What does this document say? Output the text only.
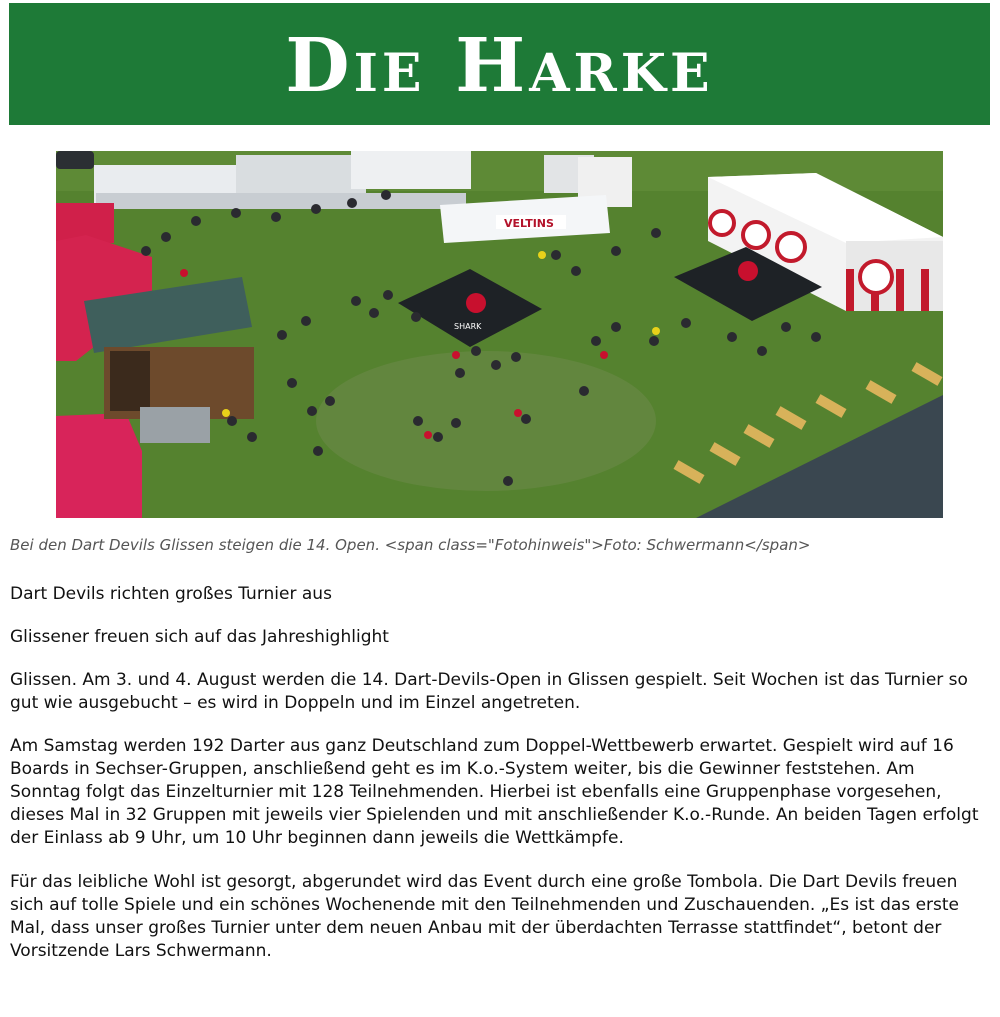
Die Harke
VELTINS
SHARK
Bei den Dart Devils Glissen steigen die 14. Open. <span class="Fotohinweis">Foto: Schwermann</span>

Dart Devils richten großes Turnier aus

Glissener freuen sich auf das Jahreshighlight

Glissen. Am 3. und 4. August werden die 14. Dart-Devils-Open in Glissen gespielt. Seit Wochen ist das Turnier so gut wie ausgebucht – es wird in Doppeln und im Einzel angetreten.

Am Samstag werden 192 Darter aus ganz Deutschland zum Doppel-Wettbewerb erwartet. Gespielt wird auf 16 Boards in Sechser-Gruppen, anschließend geht es im K.o.-System weiter, bis die Gewinner feststehen. Am Sonntag folgt das Einzelturnier mit 128 Teilnehmenden. Hierbei ist ebenfalls eine Gruppenphase vorgesehen, dieses Mal in 32 Gruppen mit jeweils vier Spielenden und mit anschließender K.o.-Runde. An beiden Tagen erfolgt der Einlass ab 9 Uhr, um 10 Uhr beginnen dann jeweils die Wettkämpfe.

Für das leibliche Wohl ist gesorgt, abgerundet wird das Event durch eine große Tombola. Die Dart Devils freuen sich auf tolle Spiele und ein schönes Wochenende mit den Teilnehmenden und Zuschauenden. „Es ist das erste Mal, dass unser großes Turnier unter dem neuen Anbau mit der überdachten Terrasse stattfindet“, betont der Vorsitzende Lars Schwermann.
